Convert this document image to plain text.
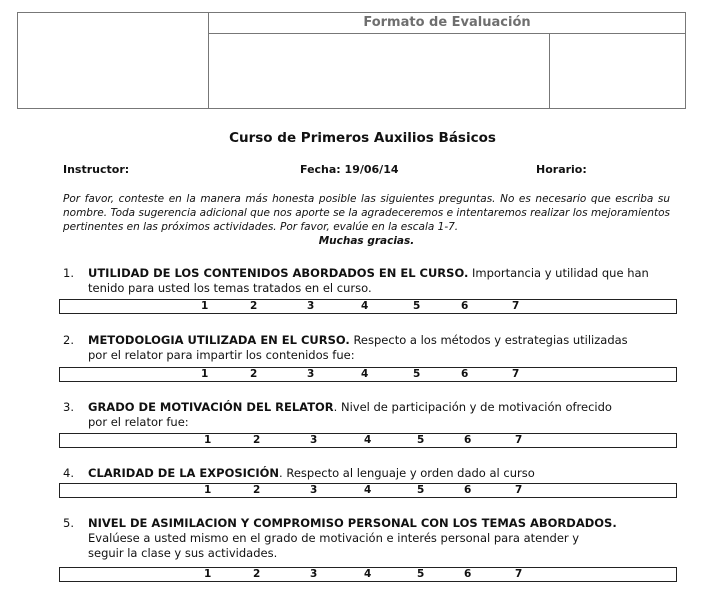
Formato de Evaluación
Curso de Primeros Auxilios Básicos
Instructor:	Fecha: 19/06/14	Horario:
Por favor, conteste en la manera más honesta posible las siguientes preguntas. No es necesario que escriba su nombre. Toda sugerencia adicional que nos aporte se la agradeceremos e intentaremos realizar los mejoramientos pertinentes en las próximos actividades. Por favor, evalúe en la escala 1-7.
Muchas gracias.
1. UTILIDAD DE LOS CONTENIDOS ABORDADOS EN EL CURSO. Importancia y utilidad que han
tenido para usted los temas tratados en el curso.
1	2	3	4	5	6	7
2. METODOLOGIA UTILIZADA EN EL CURSO. Respecto a los métodos y estrategias utilizadas
por el relator para impartir los contenidos fue:
1	2	3	4	5	6	7
3. GRADO DE MOTIVACIÓN DEL RELATOR. Nivel de participación y de motivación ofrecido
por el relator fue:
1	2	3	4	5	6	7
4. CLARIDAD DE LA EXPOSICIÓN. Respecto al lenguaje y orden dado al curso
1	2	3	4	5	6	7
5. NIVEL DE ASIMILACION Y COMPROMISO PERSONAL CON LOS TEMAS ABORDADOS.
Evalúese a usted mismo en el grado de motivación e interés personal para atender y
seguir la clase y sus actividades.
1	2	3	4	5	6	7
